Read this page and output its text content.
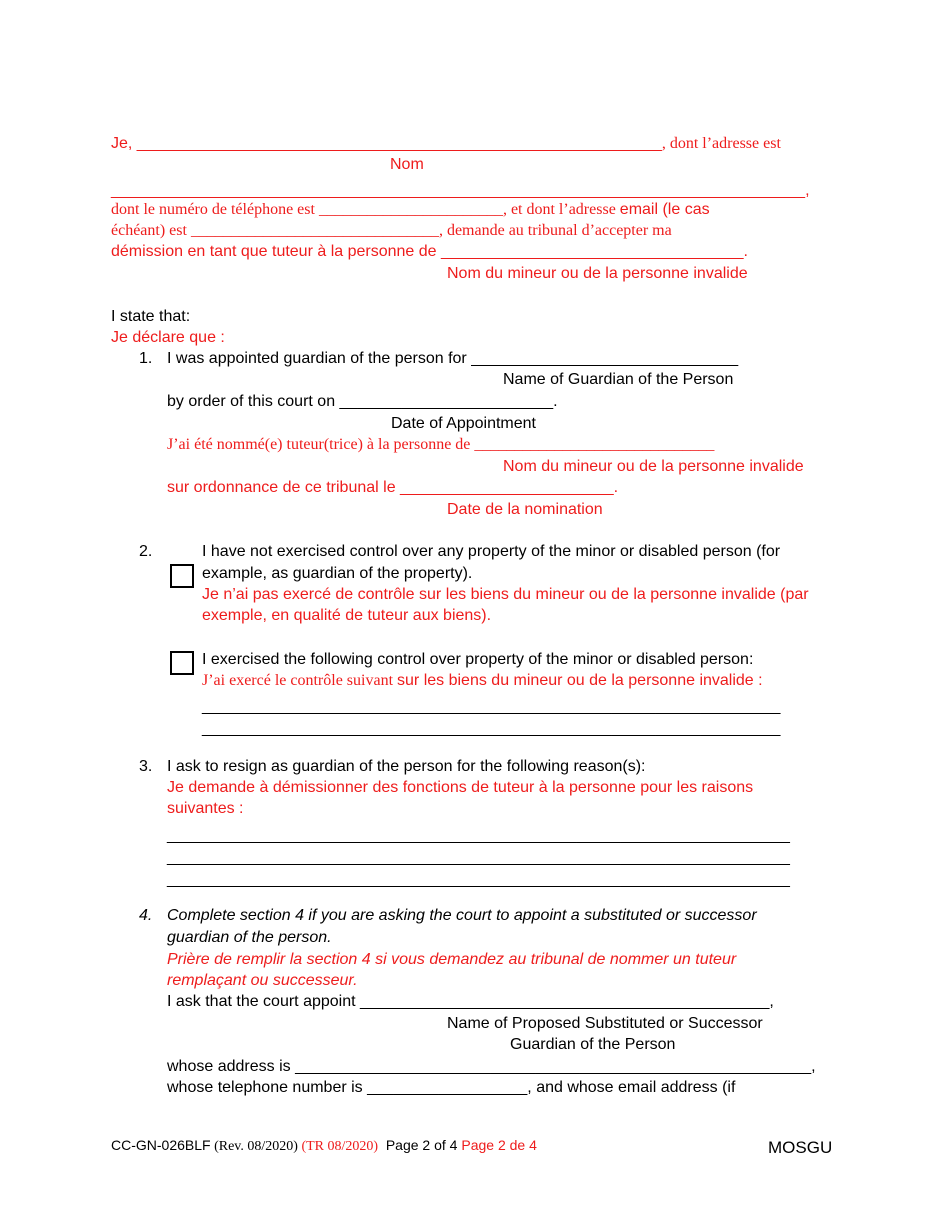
Je, ___________________________________________________________, dont l’adresse est
Nom
______________________________________________________________________________,
dont le numéro de téléphone est _______________________, et dont l’adresse email (le cas
échéant) est _______________________________, demande au tribunal d’accepter ma
démission en tant que tuteur à la personne de __________________________________.
Nom du mineur ou de la personne invalide
I state that:
Je déclare que :
1. I was appointed guardian of the person for ______________________________
Name of Guardian of the Person
by order of this court on ________________________.
Date of Appointment
J’ai été nommé(e) tuteur(trice) à la personne de ______________________________
Nom du mineur ou de la personne invalide
sur ordonnance de ce tribunal le ________________________.
Date de la nomination
2.	I have not exercised control over any property of the minor or disabled person (for
example, as guardian of the property).
Je n’ai pas exercé de contrôle sur les biens du mineur ou de la personne invalide (par
exemple, en qualité de tuteur aux biens).
I exercised the following control over property of the minor or disabled person:
J’ai exercé le contrôle suivant sur les biens du mineur ou de la personne invalide :
_________________________________________________________________
_________________________________________________________________
3. I ask to resign as guardian of the person for the following reason(s):
Je demande à démissionner des fonctions de tuteur à la personne pour les raisons
suivantes :
______________________________________________________________________
______________________________________________________________________
______________________________________________________________________
4. Complete section 4 if you are asking the court to appoint a substituted or successor
guardian of the person.
Prière de remplir la section 4 si vous demandez au tribunal de nommer un tuteur
remplaçant ou successeur.
I ask that the court appoint ______________________________________________,
Name of Proposed Substituted or Successor
Guardian of the Person
whose address is __________________________________________________________,
whose telephone number is __________________, and whose email address (if
CC-GN-026BLF (Rev. 08/2020) (TR 08/2020)  Page 2 of 4 Page 2 de 4	MOSGU
